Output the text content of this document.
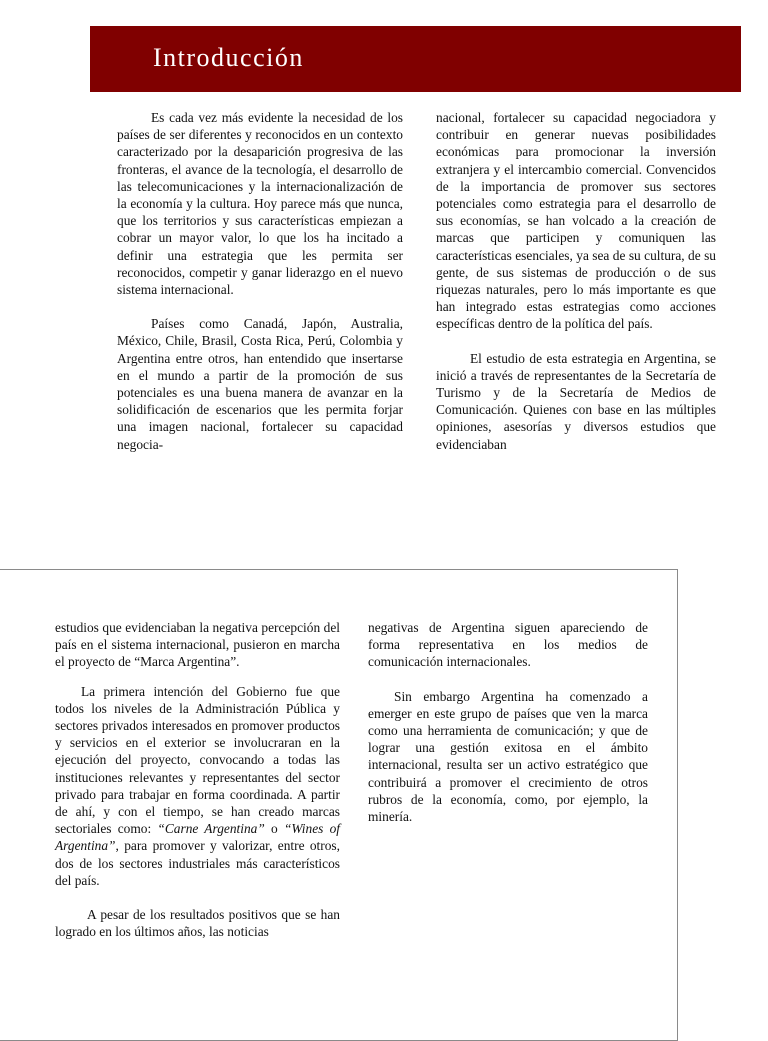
Introducción

Es cada vez más evidente la necesidad de los países de ser diferentes y reconocidos en un contexto caracterizado por la desaparición progresiva de las fronteras, el avance de la tecnología, el desarrollo de las telecomunicaciones y la internacionalización de la economía y la cultura. Hoy parece más que nunca, que los territorios y sus características empiezan a cobrar un mayor valor, lo que los ha incitado a definir una estrategia que les permita ser reconocidos, competir y ganar liderazgo en el nuevo sistema internacional.

Países como Canadá, Japón, Australia, México, Chile, Brasil, Costa Rica, Perú, Colombia y Argentina entre otros, han entendido que insertarse en el mundo a partir de la promoción de sus potenciales es una buena manera de avanzar en la solidificación de escenarios que les permita forjar una imagen nacional, fortalecer su capacidad negocia-

nacional, fortalecer su capacidad negociadora y contribuir en generar nuevas posibilidades económicas para promocionar la inversión extranjera y el intercambio comercial. Convencidos de la importancia de promover sus sectores potenciales como estrategia para el desarrollo de sus economías, se han volcado a la creación de marcas que participen y comuniquen las características esenciales, ya sea de su cultura, de su gente, de sus sistemas de producción o de sus riquezas naturales, pero lo más importante es que han integrado estas estrategias como acciones específicas dentro de la política del país.

El estudio de esta estrategia en Argentina, se inició a través de representantes de la Secretaría de Turismo y de la Secretaría de Medios de Comunicación. Quienes con base en las múltiples opiniones, asesorías y diversos estudios que evidenciaban

estudios que evidenciaban la negativa percepción del país en el sistema internacional, pusieron en marcha el proyecto de “Marca Argentina”.

La primera intención del Gobierno fue que todos los niveles de la Administración Pública y sectores privados interesados en promover productos y servicios en el exterior se involucraran en la ejecución del proyecto, convocando a todas las instituciones relevantes y representantes del sector privado para trabajar en forma coordinada. A partir de ahí, y con el tiempo, se han creado marcas sectoriales como: “Carne Argentina” o “Wines of Argentina”, para promover y valorizar, entre otros, dos de los sectores industriales más característicos del país.

A pesar de los resultados positivos que se han logrado en los últimos años, las noticias

negativas de Argentina siguen apareciendo de forma representativa en los medios de comunicación internacionales.

Sin embargo Argentina ha comenzado a emerger en este grupo de países que ven la marca como una herramienta de comunicación; y que de lograr una gestión exitosa en el ámbito internacional, resulta ser un activo estratégico que contribuirá a promover el crecimiento de otros rubros de la economía, como, por ejemplo, la minería.
